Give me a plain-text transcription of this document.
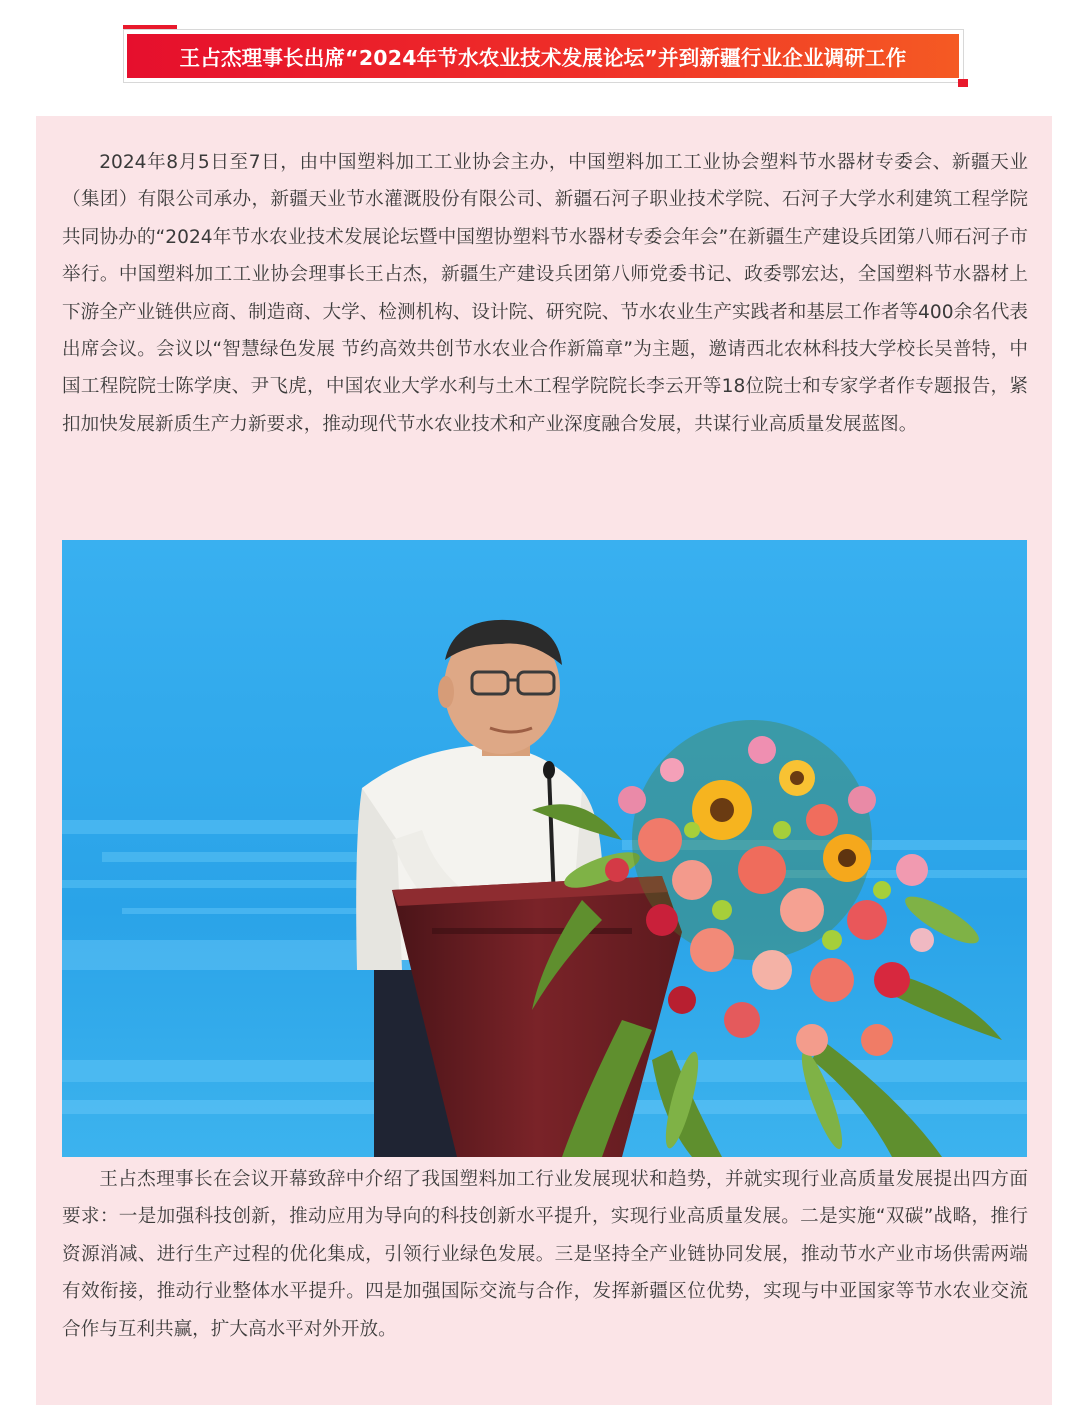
王占杰理事长出席“2024年节水农业技术发展论坛”并到新疆行业企业调研工作

2024年8月5日至7日，由中国塑料加工工业协会主办，中国塑料加工工业协会塑料节水器材专委会、新疆天业（集团）有限公司承办，新疆天业节水灌溉股份有限公司、新疆石河子职业技术学院、石河子大学水利建筑工程学院共同协办的“2024年节水农业技术发展论坛暨中国塑协塑料节水器材专委会年会”在新疆生产建设兵团第八师石河子市举行。中国塑料加工工业协会理事长王占杰，新疆生产建设兵团第八师党委书记、政委鄂宏达，全国塑料节水器材上下游全产业链供应商、制造商、大学、检测机构、设计院、研究院、节水农业生产实践者和基层工作者等400余名代表出席会议。会议以“智慧绿色发展 节约高效共创节水农业合作新篇章”为主题，邀请西北农林科技大学校长吴普特，中国工程院院士陈学庚、尹飞虎，中国农业大学水利与土木工程学院院长李云开等18位院士和专家学者作专题报告，紧扣加快发展新质生产力新要求，推动现代节水农业技术和产业深度融合发展，共谋行业高质量发展蓝图。

王占杰理事长在会议开幕致辞中介绍了我国塑料加工行业发展现状和趋势，并就实现行业高质量发展提出四方面要求：一是加强科技创新，推动应用为导向的科技创新水平提升，实现行业高质量发展。二是实施“双碳”战略，推行资源消减、进行生产过程的优化集成，引领行业绿色发展。三是坚持全产业链协同发展，推动节水产业市场供需两端有效衔接，推动行业整体水平提升。四是加强国际交流与合作，发挥新疆区位优势，实现与中亚国家等节水农业交流合作与互利共赢，扩大高水平对外开放。
